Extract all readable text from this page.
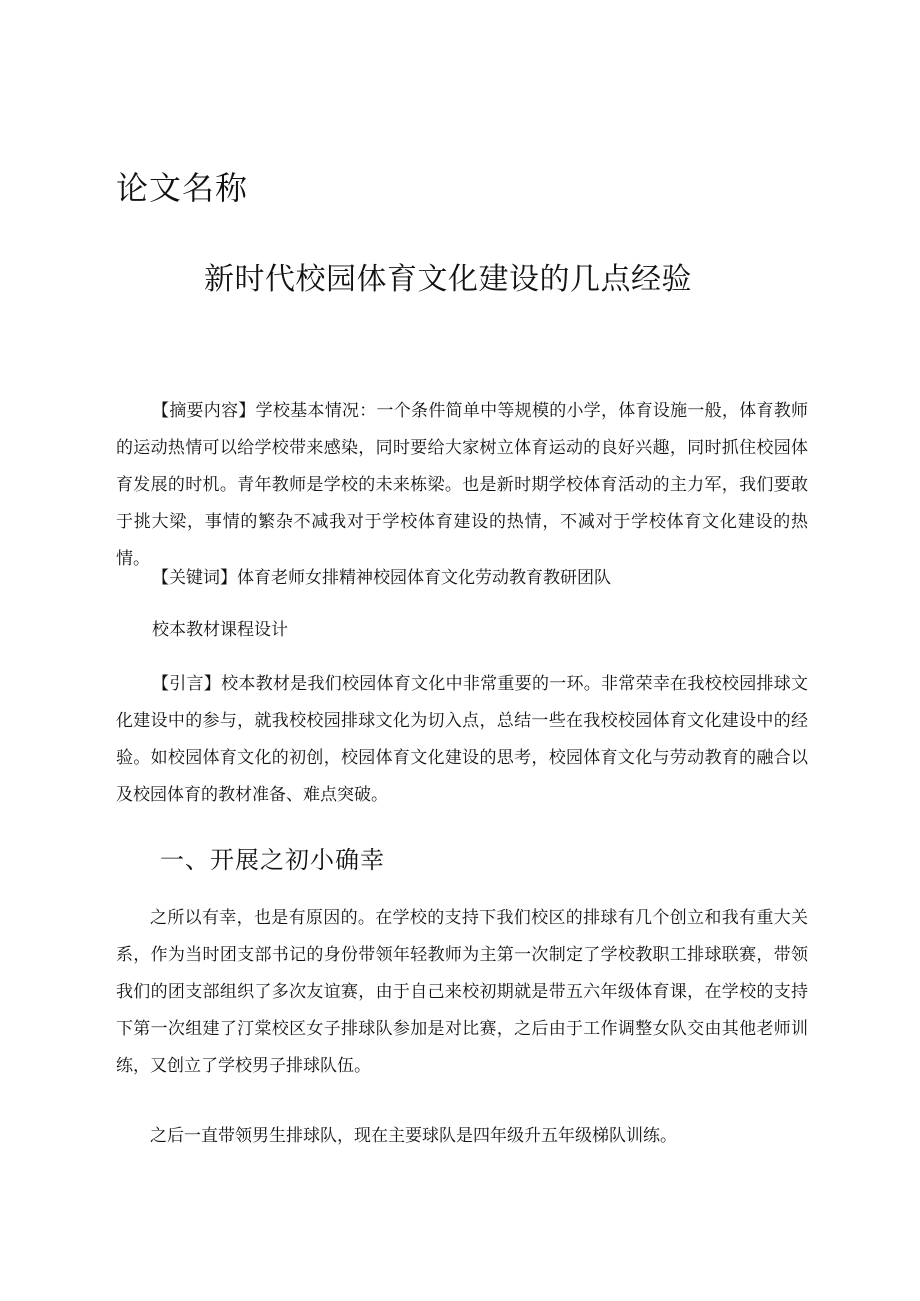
论文名称
新时代校园体育文化建设的几点经验

【摘要内容】学校基本情况：一个条件简单中等规模的小学，体育设施一般，体育教师的运动热情可以给学校带来感染，同时要给大家树立体育运动的良好兴趣，同时抓住校园体育发展的时机。青年教师是学校的未来栋梁。也是新时期学校体育活动的主力军，我们要敢于挑大梁，事情的繁杂不减我对于学校体育建设的热情，不减对于学校体育文化建设的热情。

【关键词】体育老师女排精神校园体育文化劳动教育教研团队

校本教材课程设计

【引言】校本教材是我们校园体育文化中非常重要的一环。非常荣幸在我校校园排球文化建设中的参与，就我校校园排球文化为切入点，总结一些在我校校园体育文化建设中的经验。如校园体育文化的初创，校园体育文化建设的思考，校园体育文化与劳动教育的融合以及校园体育的教材准备、难点突破。

一、开展之初小确幸

之所以有幸，也是有原因的。在学校的支持下我们校区的排球有几个创立和我有重大关系，作为当时团支部书记的身份带领年轻教师为主第一次制定了学校教职工排球联赛，带领我们的团支部组织了多次友谊赛，由于自己来校初期就是带五六年级体育课，在学校的支持下第一次组建了汀棠校区女子排球队参加是对比赛，之后由于工作调整女队交由其他老师训练，又创立了学校男子排球队伍。

之后一直带领男生排球队，现在主要球队是四年级升五年级梯队训练。
